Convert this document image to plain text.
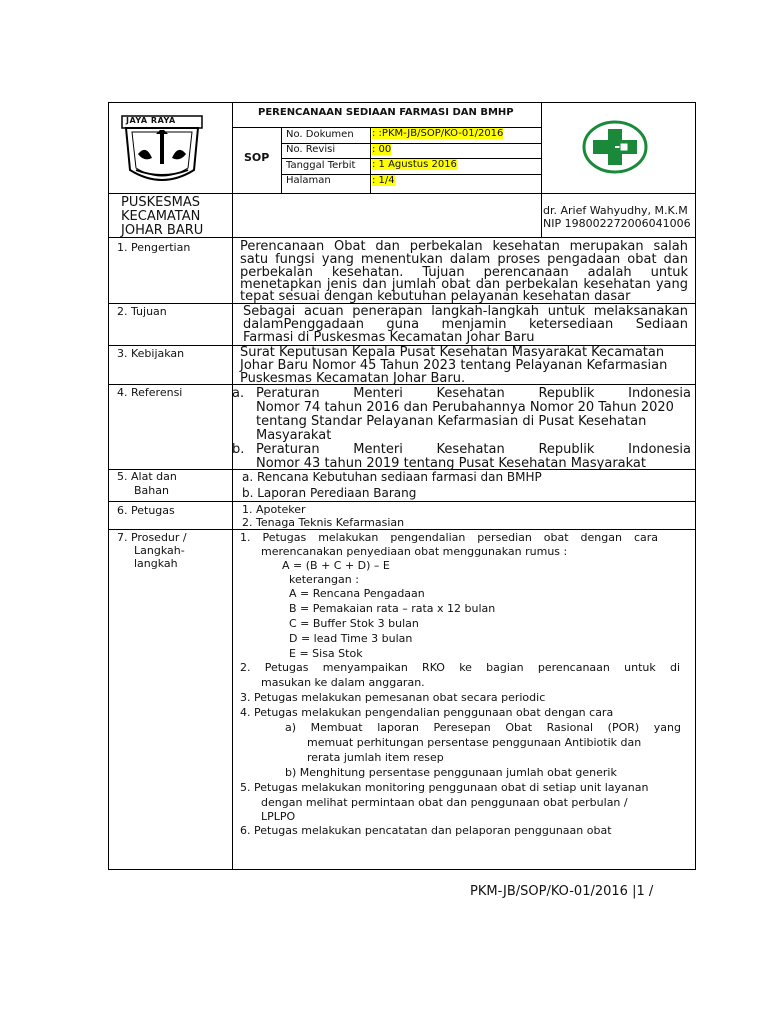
JAYA RAYA
PERENCANAAN SEDIAAN FARMASI DAN BMHP
SOP
No. Dokumen : :PKM-JB/SOP/KO-01/2016
No. Revisi	: 00
Tanggal Terbit : 1 Agustus 2016
Halaman	: 1/4
PUSKESMAS
KECAMATAN
JOHAR BARU
dr. Arief Wahyudhy, M.K.M
NIP 198002272006041006
1. Pengertian	Perencanaan Obat dan perbekalan kesehatan merupakan salah
satu fungsi yang menentukan dalam proses pengadaan obat dan
perbekalan kesehatan. Tujuan perencanaan adalah untuk
menetapkan jenis dan jumlah obat dan perbekalan kesehatan yang
tepat sesuai dengan kebutuhan pelayanan kesehatan dasar
2. Tujuan	Sebagai acuan penerapan langkah-langkah untuk melaksanakan
dalamPenggadaan guna menjamin ketersediaan Sediaan
Farmasi di Puskesmas Kecamatan Johar Baru
3. Kebijakan	Surat Keputusan Kepala Pusat Kesehatan Masyarakat Kecamatan
Johar Baru Nomor 45 Tahun 2023 tentang Pelayanan Kefarmasian
Puskesmas Kecamatan Johar Baru.
4. Referensi	a. Peraturan Menteri Kesehatan Republik Indonesia
Nomor 74 tahun 2016 dan Perubahannya Nomor 20 Tahun 2020
tentang Standar Pelayanan Kefarmasian di Pusat Kesehatan
Masyarakat
b. Peraturan Menteri Kesehatan Republik Indonesia
Nomor 43 tahun 2019 tentang Pusat Kesehatan Masyarakat
5. Alat dan
Bahan
a. Rencana Kebutuhan sediaan farmasi dan BMHP
b. Laporan Perediaan Barang
6. Petugas	1. Apoteker
2. Tenaga Teknis Kefarmasian
7. Prosedur /
Langkah-
langkah
1. Petugas melakukan pengendalian persedian obat dengan cara
merencanakan penyediaan obat menggunakan rumus :
A = (B + C + D) – E
keterangan :
A = Rencana Pengadaan
B = Pemakaian rata – rata x 12 bulan
C = Buffer Stok 3 bulan
D = lead Time 3 bulan
E = Sisa Stok
2. Petugas menyampaikan RKO ke bagian perencanaan untuk di
masukan ke dalam anggaran.
3. Petugas melakukan pemesanan obat secara periodic
4. Petugas melakukan pengendalian penggunaan obat dengan cara
a) Membuat laporan Peresepan Obat Rasional (POR) yang
memuat perhitungan persentase penggunaan Antibiotik dan
rerata jumlah item resep
b) Menghitung persentase penggunaan jumlah obat generik
5. Petugas melakukan monitoring penggunaan obat di setiap unit layanan
dengan melihat permintaan obat dan penggunaan obat perbulan /
LPLPO
6. Petugas melakukan pencatatan dan pelaporan penggunaan obat
PKM-JB/SOP/KO-01/2016 |1 /
